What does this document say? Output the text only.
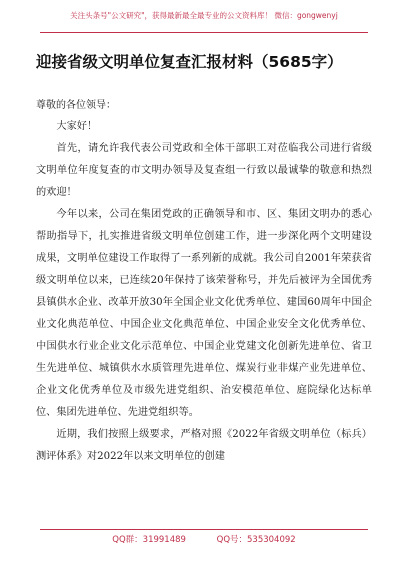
关注头条号"公文研究"，获得最新最全最专业的公文资料库！ 微信：gongwenyj
迎接省级文明单位复查汇报材料（5685字）
尊敬的各位领导：

大家好！

首先，请允许我代表公司党政和全体干部职工对莅临我公司进行省级文明单位年度复查的市文明办领导及复查组一行致以最诚挚的敬意和热烈的欢迎！

今年以来，公司在集团党政的正确领导和市、区、集团文明办的悉心帮助指导下，扎实推进省级文明单位创建工作，进一步深化两个文明建设成果，文明单位建设工作取得了一系列新的成就。我公司自2001年荣获省级文明单位以来，已连续20年保持了该荣誉称号，并先后被评为全国优秀县镇供水企业、改革开放30年全国企业文化优秀单位、建国60周年中国企业文化典范单位、中国企业文化典范单位、中国企业安全文化优秀单位、中国供水行业企业文化示范单位、中国企业党建文化创新先进单位、省卫生先进单位、城镇供水水质管理先进单位、煤炭行业非煤产业先进单位、企业文化优秀单位及市级先进党组织、治安模范单位、庭院绿化达标单位、集团先进单位、先进党组织等。

近期，我们按照上级要求，严格对照《2022年省级文明单位（标兵）测评体系》对2022年以来文明单位的创建

QQ群：31991489	QQ号：535304092
